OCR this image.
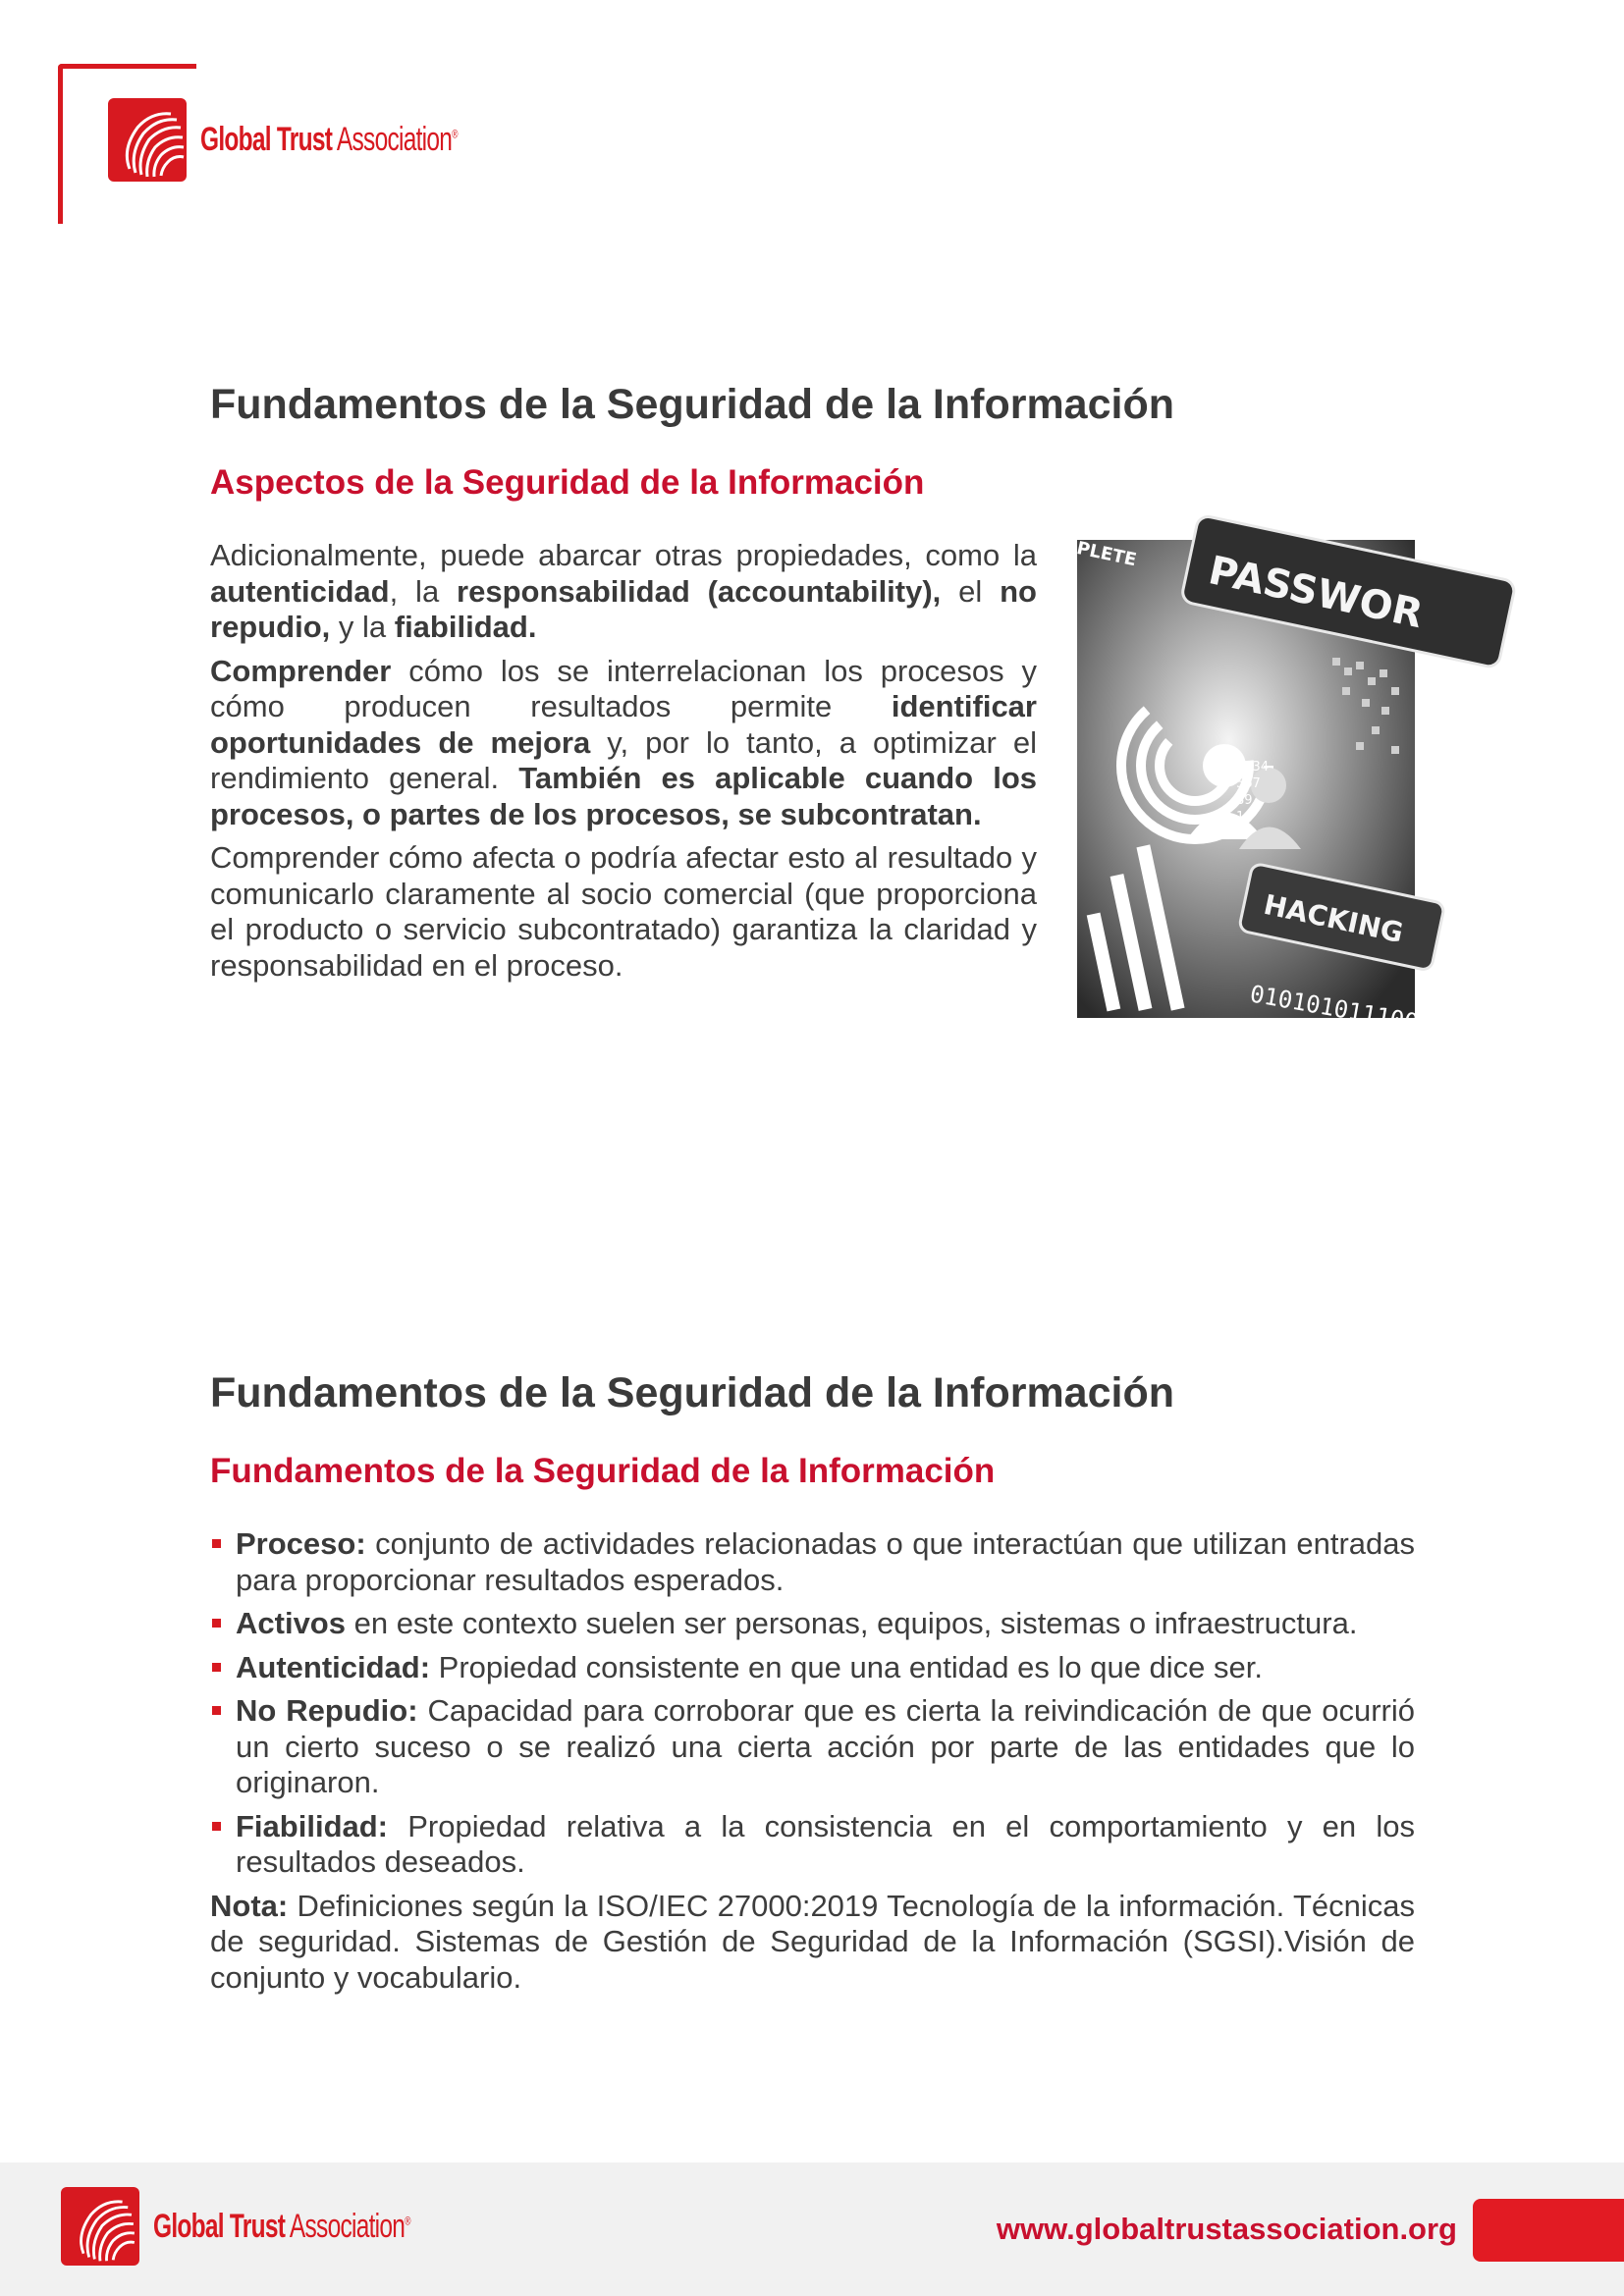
Global Trust Association®
Fundamentos de la Seguridad de la Información
Aspectos de la Seguridad de la Información

Adicionalmente, puede abarcar otras propiedades, como la autenticidad, la responsabilidad (accountability), el no repudio, y la fiabilidad.

Comprender cómo los se interrelacionan los procesos y cómo producen resultados permite identificar oportunidades de mejora y, por lo tanto, a optimizar el rendimiento general. También es aplicable cuando los procesos, o partes de los procesos, se subcontratan.

Comprender cómo afecta o podría afectar esto al resultado y comunicarlo claramente al socio comercial (que proporciona el producto o servicio subcontratado) garantiza la claridad y responsabilidad en el proceso.

PASSWOR
PLETE
1234
567
89
10
HACKING
0101010111001
Fundamentos de la Seguridad de la Información
Fundamentos de la Seguridad de la Información

Proceso: conjunto de actividades relacionadas o que interactúan que utilizan entradas para proporcionar resultados esperados.

Activos en este contexto suelen ser personas, equipos, sistemas o infraestructura.

Autenticidad: Propiedad consistente en que una entidad es lo que dice ser.

No Repudio: Capacidad para corroborar que es cierta la reivindicación de que ocurrió un cierto suceso o se realizó una cierta acción por parte de las entidades que lo originaron.

Fiabilidad: Propiedad relativa a la consistencia en el comportamiento y en los resultados deseados.

Nota: Definiciones según la ISO/IEC 27000:2019 Tecnología de la información. Técnicas de seguridad. Sistemas de Gestión de Seguridad de la Información (SGSI).Visión de conjunto y vocabulario.

Global Trust Association®	www.globaltrustassociation.org
